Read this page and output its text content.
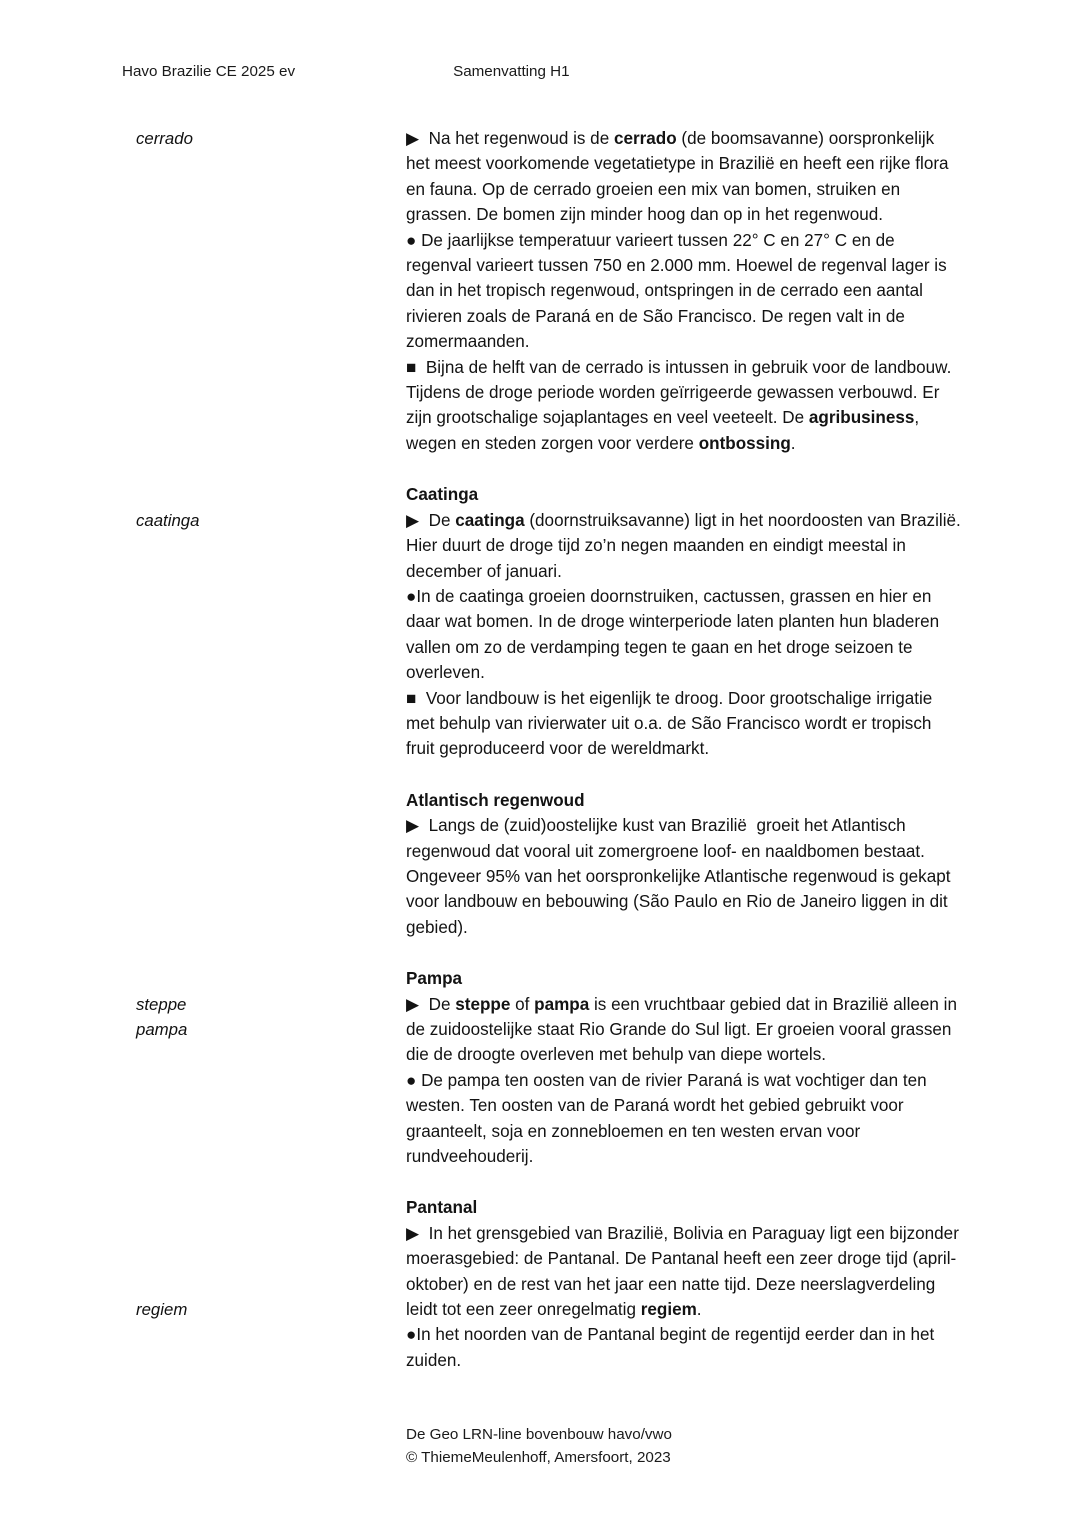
Havo Brazilie CE 2025 ev	Samenvatting H1
cerrado	▶  Na het regenwoud is de cerrado (de boomsavanne) oorspronkelijk het meest voorkomende vegetatietype in Brazilië en heeft een rijke flora en fauna. Op de cerrado groeien een mix van bomen, struiken en grassen. De bomen zijn minder hoog dan op in het regenwoud.

● De jaarlijkse temperatuur varieert tussen 22° C en 27° C en de regenval varieert tussen 750 en 2.000 mm. Hoewel de regenval lager is dan in het tropisch regenwoud, ontspringen in de cerrado een aantal rivieren zoals de Paraná en de São Francisco. De regen valt in de zomermaanden.

■  Bijna de helft van de cerrado is intussen in gebruik voor de landbouw. Tijdens de droge periode worden geïrrigeerde gewassen verbouwd. Er zijn grootschalige sojaplantages en veel veeteelt. De agribusiness, wegen en steden zorgen voor verdere ontbossing.

caatinga

Caatinga

▶  De caatinga (doornstruiksavanne) ligt in het noordoosten van Brazilië. Hier duurt de droge tijd zo’n negen maanden en eindigt meestal in december of januari.

●In de caatinga groeien doornstruiken, cactussen, grassen en hier en daar wat bomen. In de droge winterperiode laten planten hun bladeren vallen om zo de verdamping tegen te gaan en het droge seizoen te overleven.

■  Voor landbouw is het eigenlijk te droog. Door grootschalige irrigatie met behulp van rivierwater uit o.a. de São Francisco wordt er tropisch fruit geproduceerd voor de wereldmarkt.

Atlantisch regenwoud

▶  Langs de (zuid)oostelijke kust van Brazilië  groeit het Atlantisch regenwoud dat vooral uit zomergroene loof- en naaldbomen bestaat. Ongeveer 95% van het oorspronkelijke Atlantische regenwoud is gekapt voor landbouw en bebouwing (São Paulo en Rio de Janeiro liggen in dit gebied).

steppe
pampa

Pampa

▶  De steppe of pampa is een vruchtbaar gebied dat in Brazilië alleen in de zuidoostelijke staat Rio Grande do Sul ligt. Er groeien vooral grassen die de droogte overleven met behulp van diepe wortels.

● De pampa ten oosten van de rivier Paraná is wat vochtiger dan ten westen. Ten oosten van de Paraná wordt het gebied gebruikt voor graanteelt, soja en zonnebloemen en ten westen ervan voor rundveehouderij.

regiem

Pantanal

▶  In het grensgebied van Brazilië, Bolivia en Paraguay ligt een bijzonder moerasgebied: de Pantanal. De Pantanal heeft een zeer droge tijd (april-oktober) en de rest van het jaar een natte tijd. Deze neerslagverdeling leidt tot een zeer onregelmatig regiem.

●In het noorden van de Pantanal begint de regentijd eerder dan in het zuiden.

De Geo LRN-line bovenbouw havo/vwo
© ThiemeMeulenhoff, Amersfoort, 2023
